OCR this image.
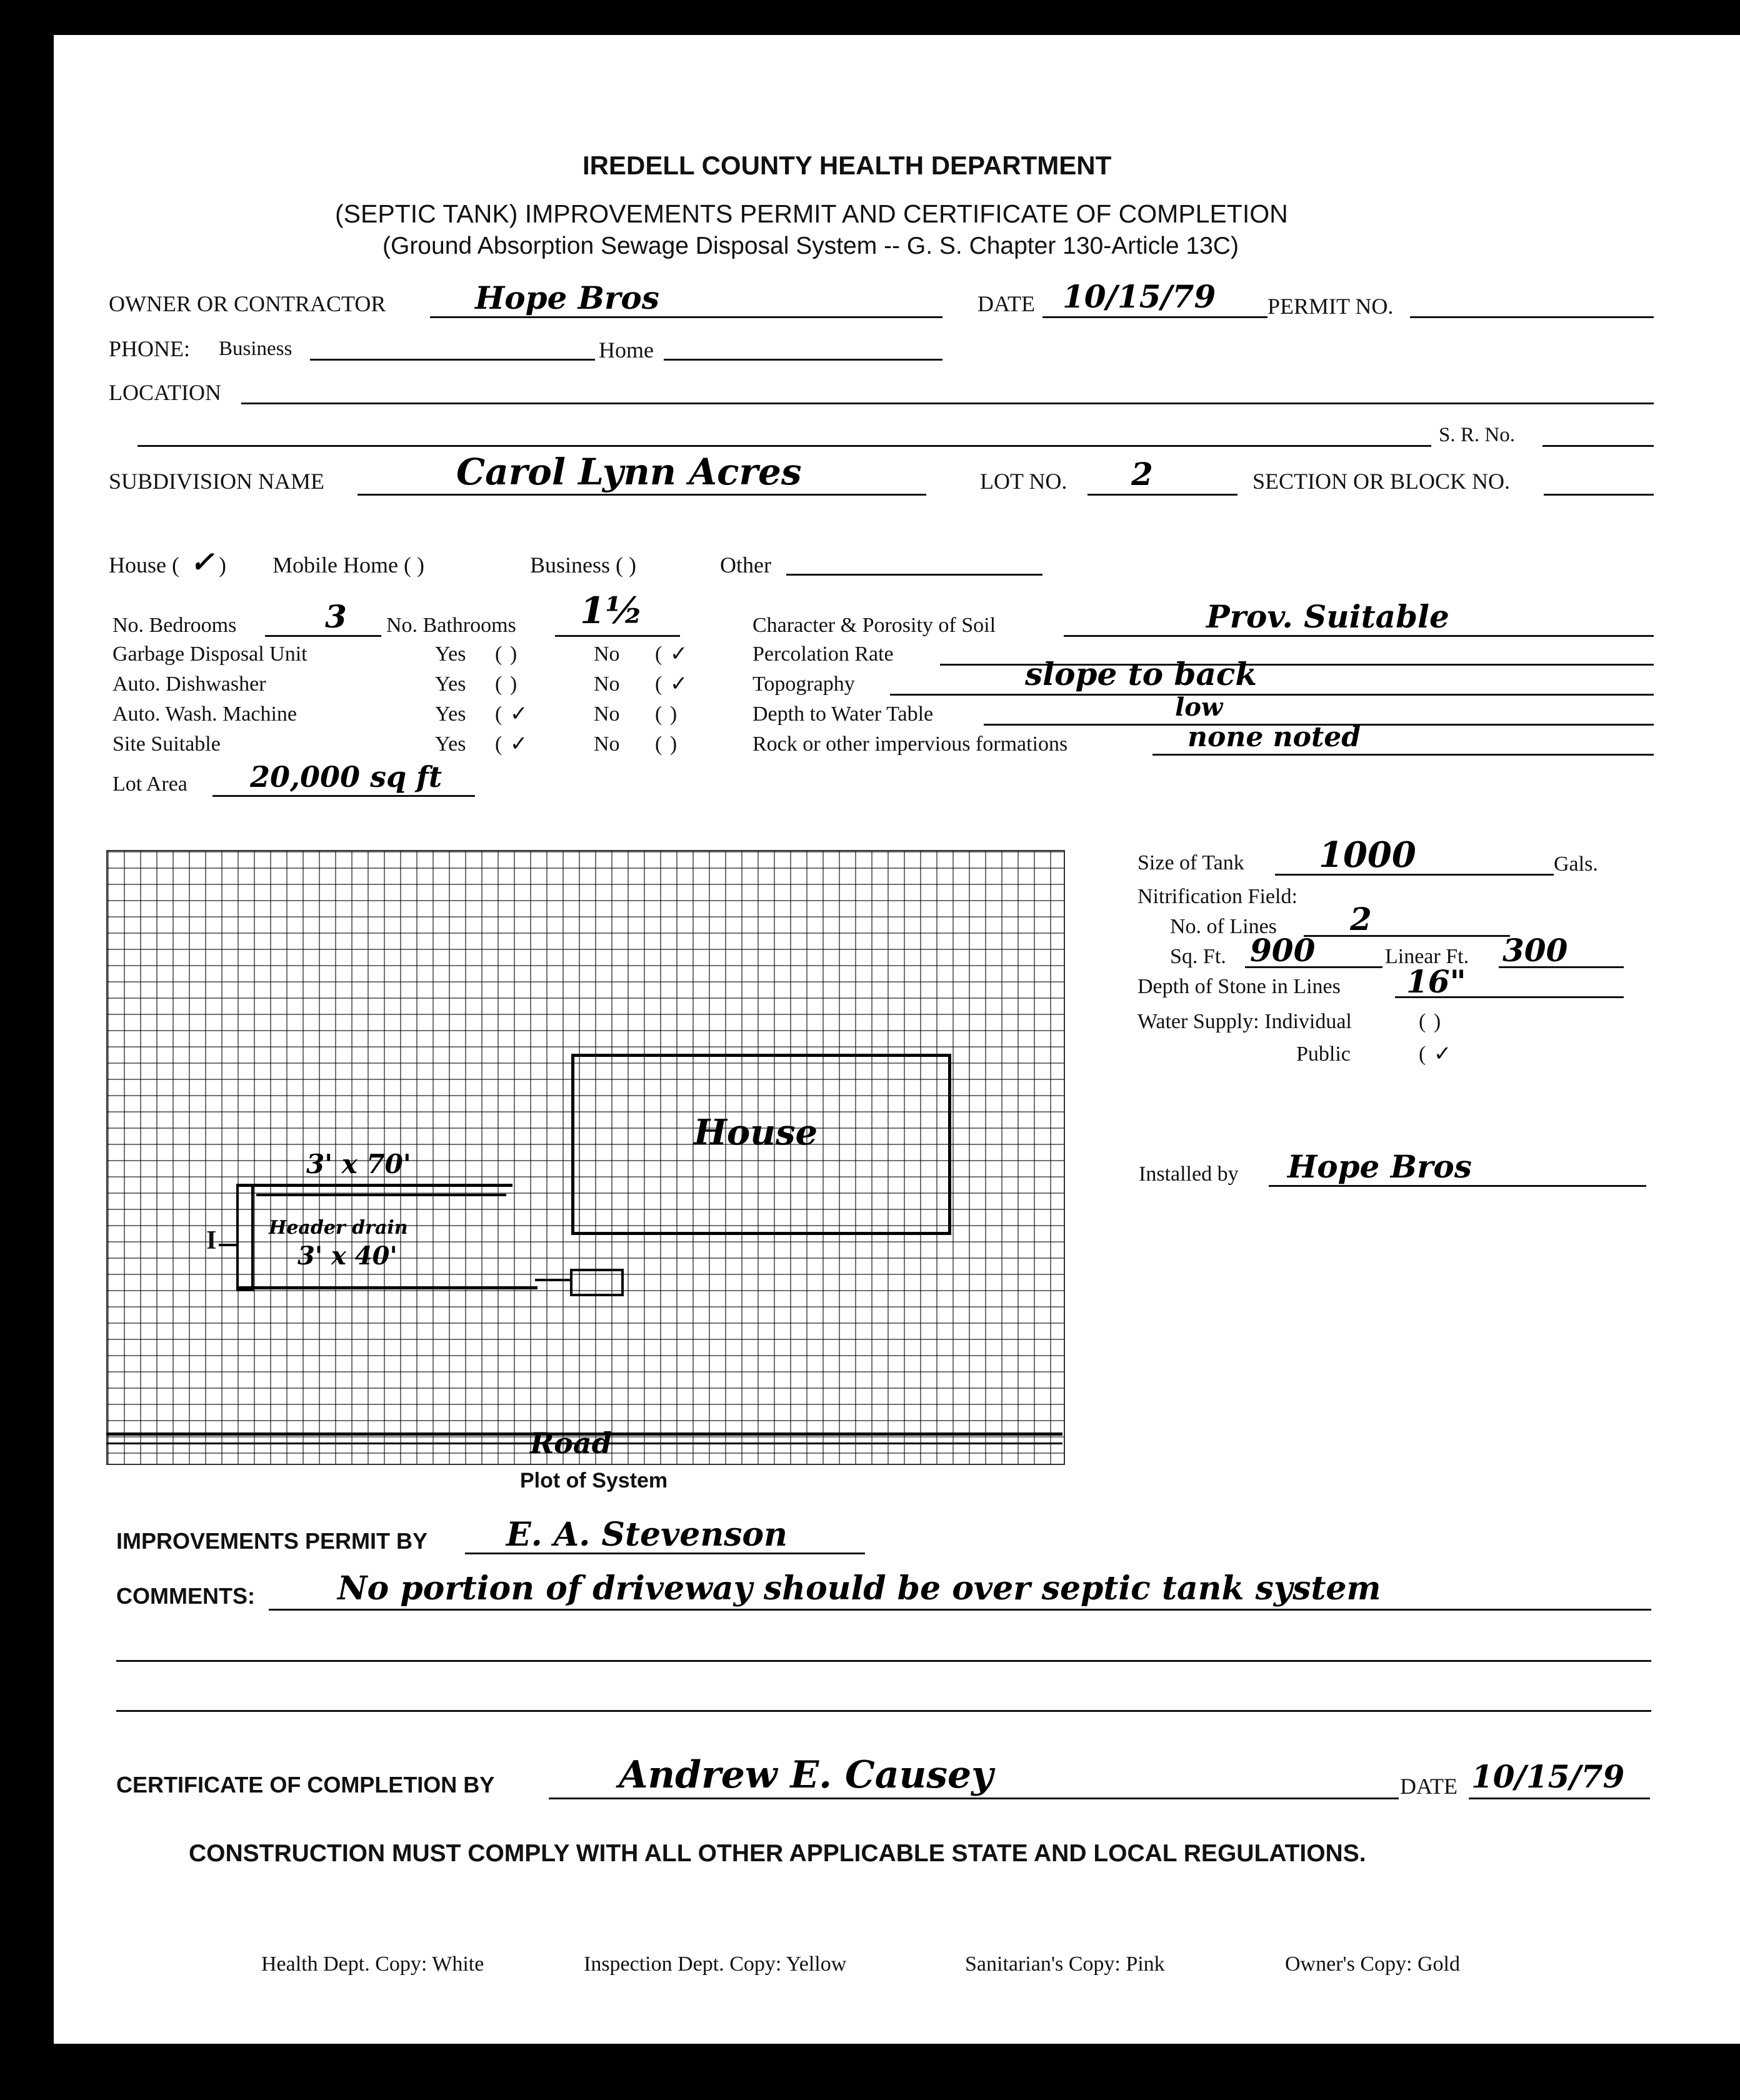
IREDELL COUNTY HEALTH DEPARTMENT
(SEPTIC TANK) IMPROVEMENTS PERMIT AND CERTIFICATE OF COMPLETION
(Ground Absorption Sewage Disposal System -- G. S. Chapter 130-Article 13C)
OWNER OR CONTRACTOR	Hope Bros	DATE 10/15/79 PERMIT NO.
PHONE: Business	Home
LOCATION
S. R. No.
SUBDIVISION NAME	Carol Lynn Acres	LOT NO. 2	SECTION OR BLOCK NO.
House ( ✓ ) Mobile Home ( )	Business ( )	Other
No. Bedrooms	3 No. Bathrooms 1½
Garbage Disposal Unit	Yes ( )	No ( ✓
Auto. Dishwasher	Yes ( )	No ( ✓
Auto. Wash. Machine	Yes ( ✓	No ( )
Site Suitable	Yes ( ✓	No ( )
Lot Area 20,000 sq ft
Character & Porosity of Soil	Prov. Suitable
Percolation Rate
Topography	slope to back
Depth to Water Table	low
Rock or other impervious formations	none noted
House
3' x 70'
Header drain
3' x 40'
I
Road
Plot of System
Size of Tank 1000	Gals.
Nitrification Field:
No. of Lines 2
Sq. Ft. 900	Linear Ft. 300
Depth of Stone in Lines 16"
Water Supply: Individual	( )
Public	( ✓
Installed by Hope Bros
IMPROVEMENTS PERMIT BY E. A. Stevenson
COMMENTS:	No portion of driveway should be over septic tank system
CERTIFICATE OF COMPLETION BY	Andrew E. Causey	DATE 10/15/79
CONSTRUCTION MUST COMPLY WITH ALL OTHER APPLICABLE STATE AND LOCAL REGULATIONS.
Health Dept. Copy: White	Inspection Dept. Copy: Yellow	Sanitarian's Copy: Pink	Owner's Copy: Gold
